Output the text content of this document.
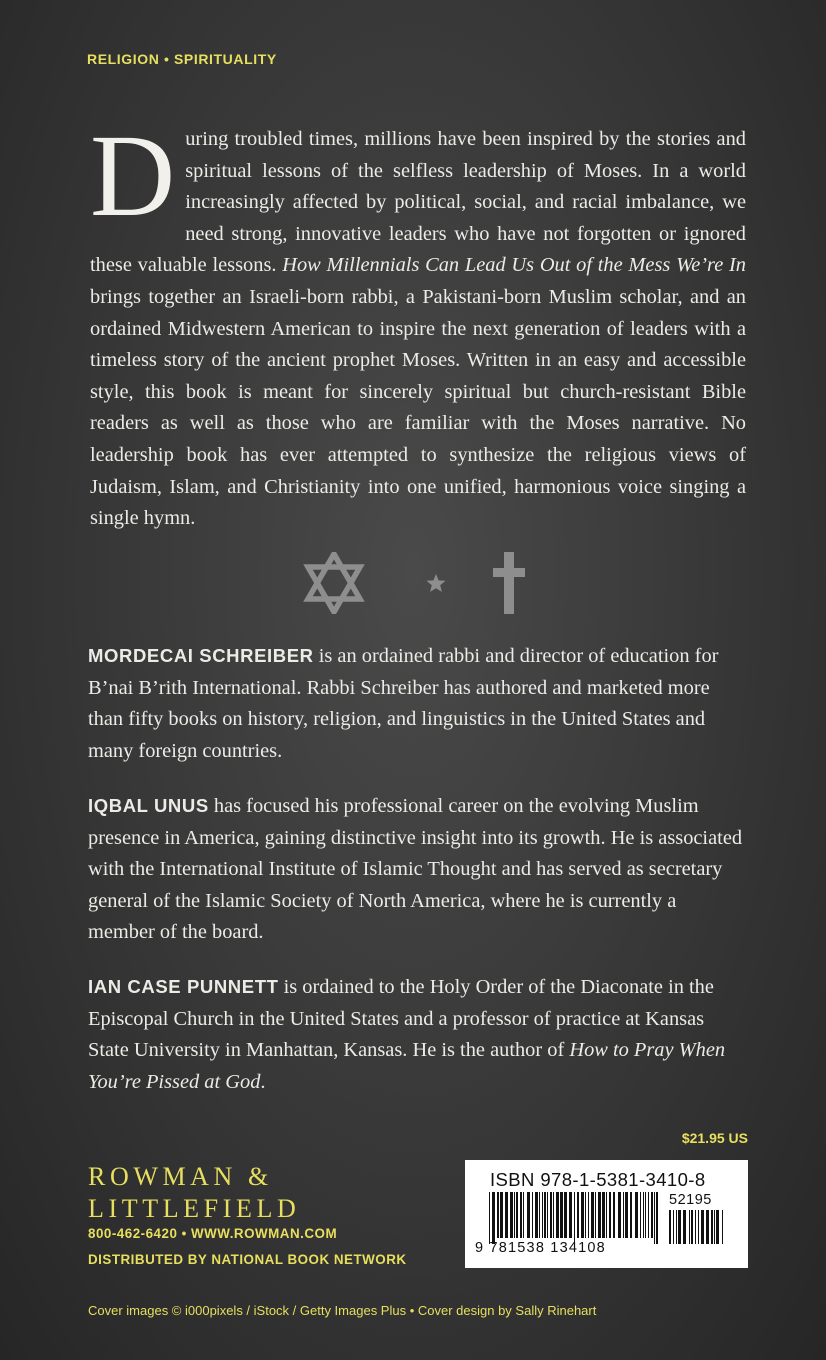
RELIGION • SPIRITUALITY

During troubled times, millions have been inspired by the stories and spiritual lessons of the selfless leadership of Moses. In a world increasingly affected by political, social, and racial imbalance, we need strong, innovative leaders who have not forgotten or ignored these valuable lessons. How Millennials Can Lead Us Out of the Mess We’re In brings together an Israeli-born rabbi, a Pakistani-born Muslim scholar, and an ordained Midwestern American to inspire the next generation of leaders with a timeless story of the ancient prophet Moses. Written in an easy and accessible style, this book is meant for sincerely spiritual but church-resistant Bible readers as well as those who are familiar with the Moses narrative. No leadership book has ever attempted to synthesize the religious views of Judaism, Islam, and Christianity into one unified, harmonious voice singing a single hymn.

MORDECAI SCHREIBER is an ordained rabbi and director of education for B’nai B’rith International. Rabbi Schreiber has authored and marketed more than fifty books on history, religion, and linguistics in the United States and many foreign countries.

IQBAL UNUS has focused his professional career on the evolving Muslim presence in America, gaining distinctive insight into its growth. He is associated with the International Institute of Islamic Thought and has served as secretary general of the Islamic Society of North America, where he is currently a member of the board.

IAN CASE PUNNETT is ordained to the Holy Order of the Diaconate in the Episcopal Church in the United States and a professor of practice at Kansas State University in Manhattan, Kansas. He is the author of How to Pray When You’re Pissed at God.

$21.95 US
ROWMAN &
LITTLEFIELD
800-462-6420 • WWW.ROWMAN.COM
DISTRIBUTED BY NATIONAL BOOK NETWORK
ISBN 978-1-5381-3410-8
52195
9 781538 134108
Cover images © i000pixels / iStock / Getty Images Plus • Cover design by Sally Rinehart
